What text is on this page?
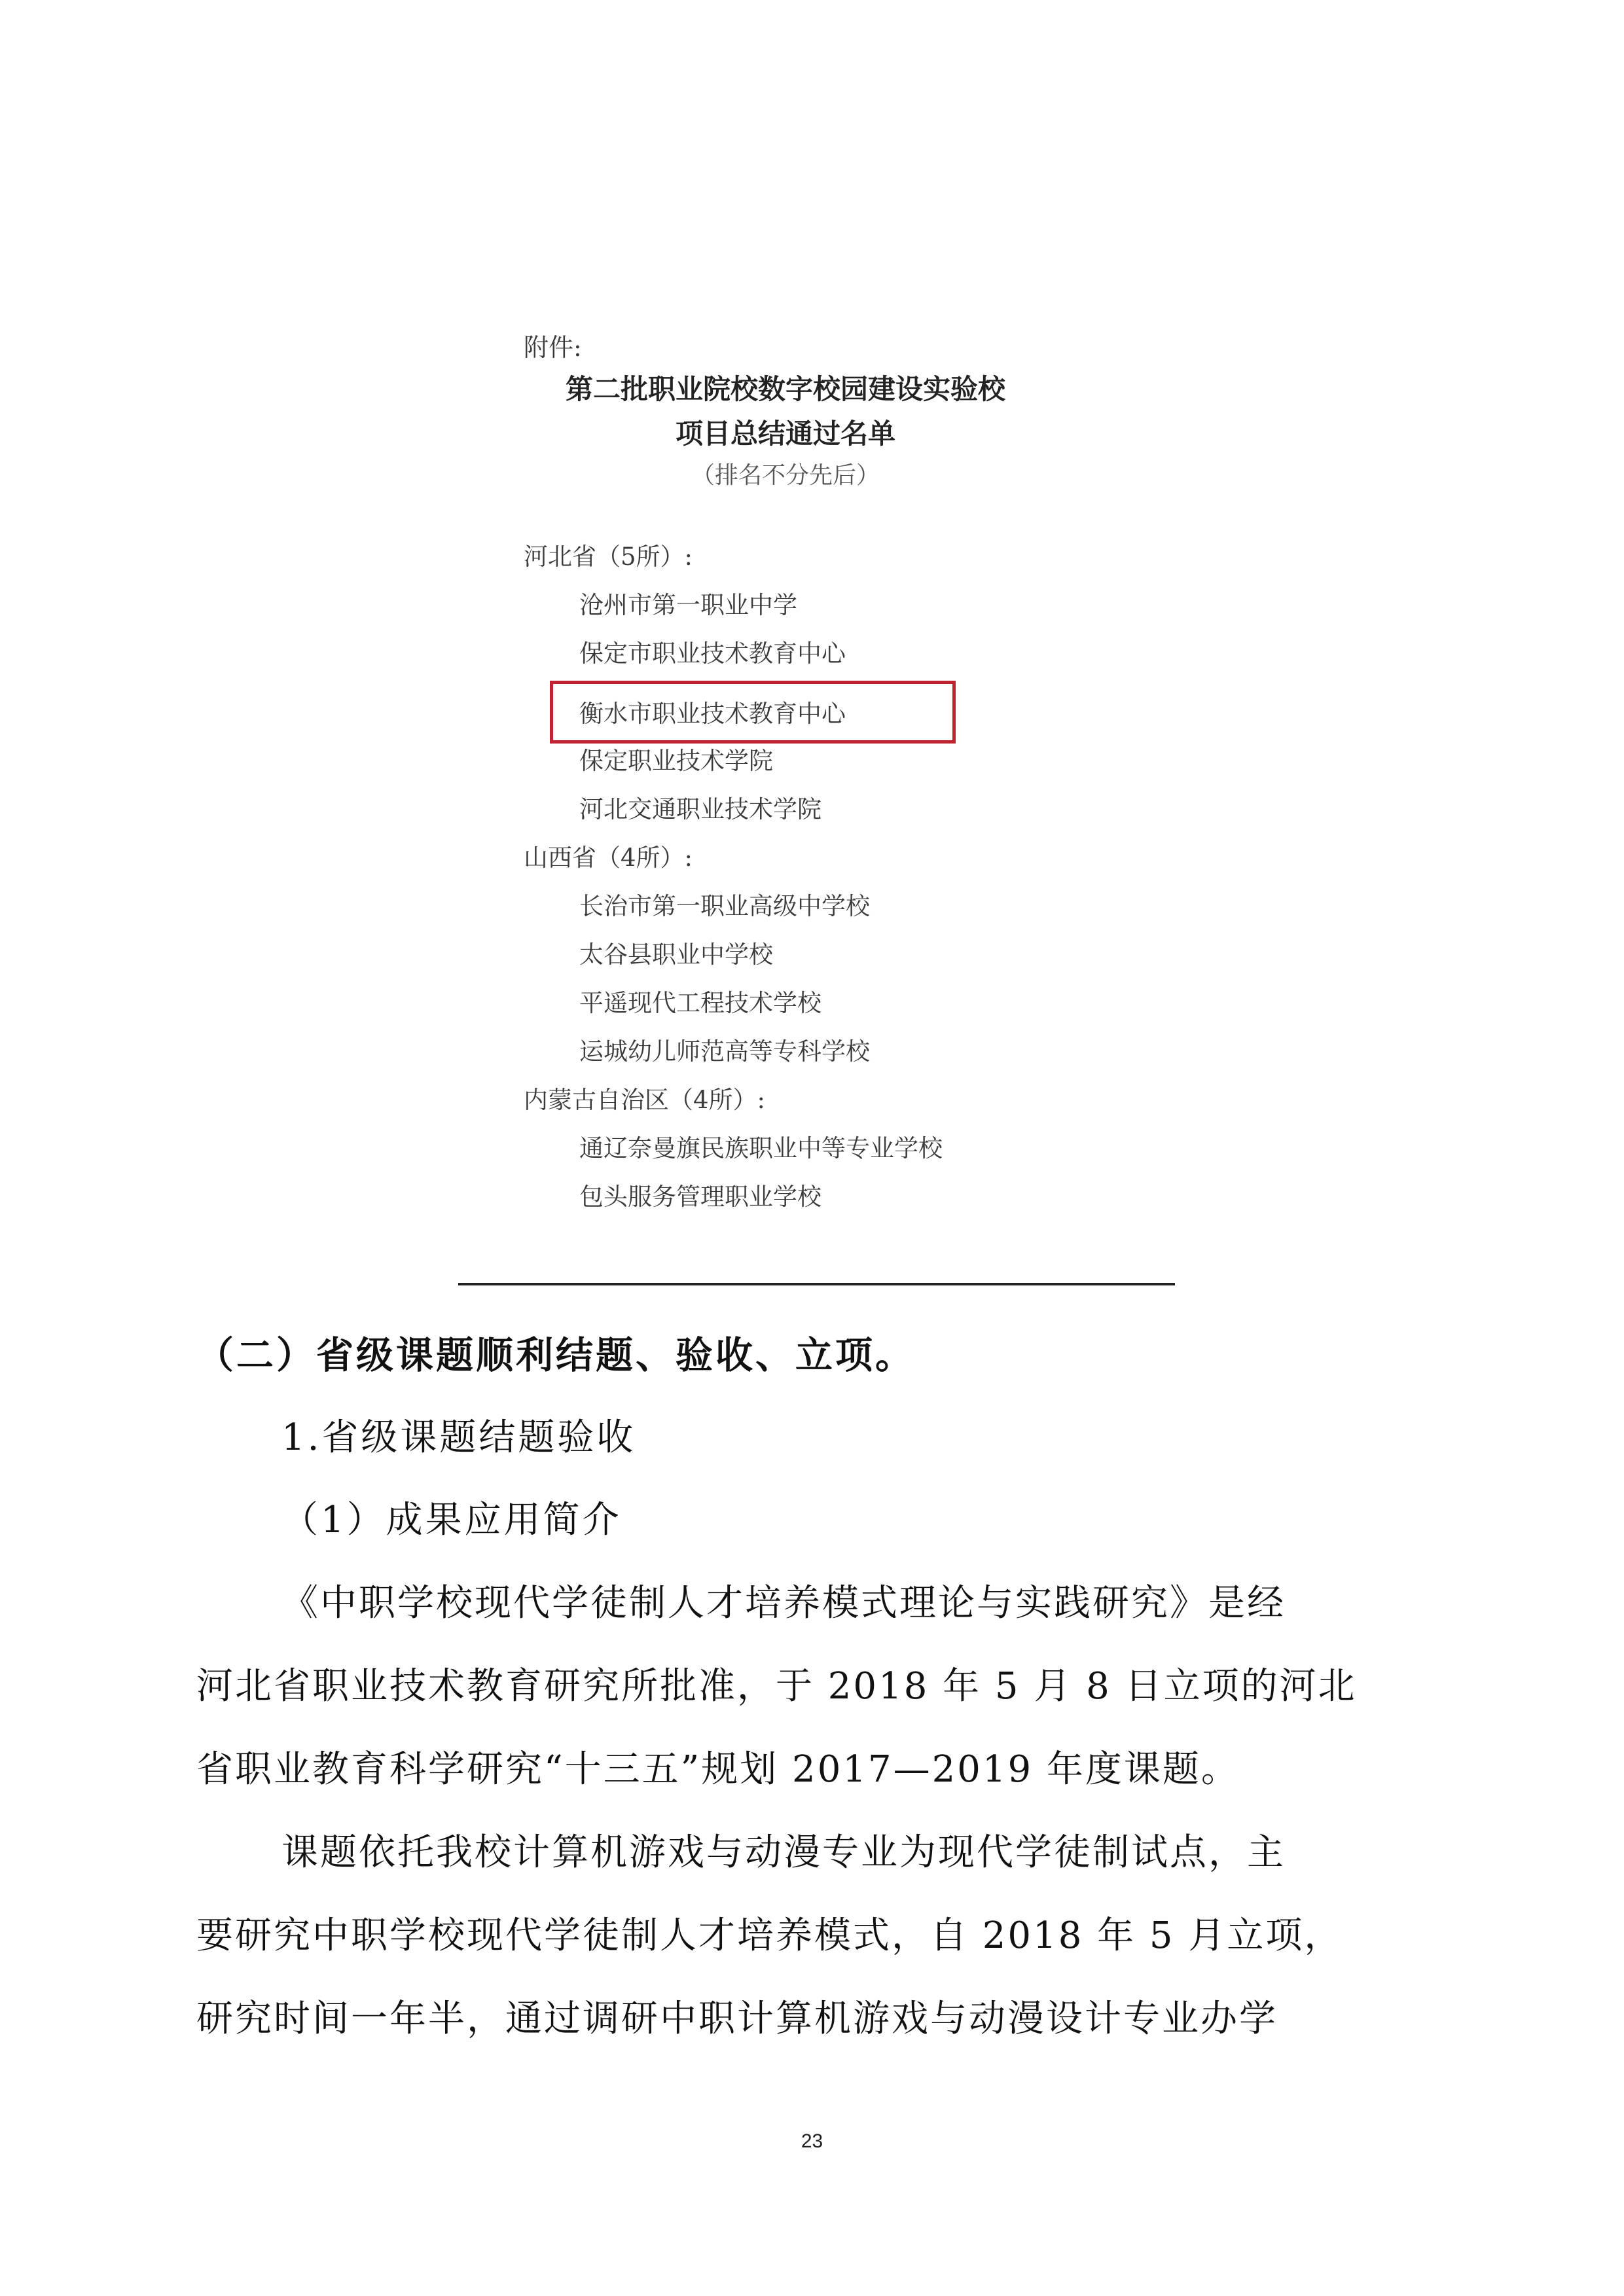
附件:
第二批职业院校数字校园建设实验校
项目总结通过名单
（排名不分先后）
河北省（5所）:
沧州市第一职业中学
保定市职业技术教育中心
衡水市职业技术教育中心
保定职业技术学院
河北交通职业技术学院
山西省（4所）:
长治市第一职业高级中学校
太谷县职业中学校
平遥现代工程技术学校
运城幼儿师范高等专科学校
内蒙古自治区（4所）:
通辽奈曼旗民族职业中等专业学校
包头服务管理职业学校
（二）省级课题顺利结题、验收、立项。
1.省级课题结题验收
（1）成果应用简介
《中职学校现代学徒制人才培养模式理论与实践研究》是经
河北省职业技术教育研究所批准，于 2018 年 5 月 8 日立项的河北
省职业教育科学研究“十三五”规划 2017—2019 年度课题。
课题依托我校计算机游戏与动漫专业为现代学徒制试点，主
要研究中职学校现代学徒制人才培养模式，自 2018 年 5 月立项，
研究时间一年半，通过调研中职计算机游戏与动漫设计专业办学
23
